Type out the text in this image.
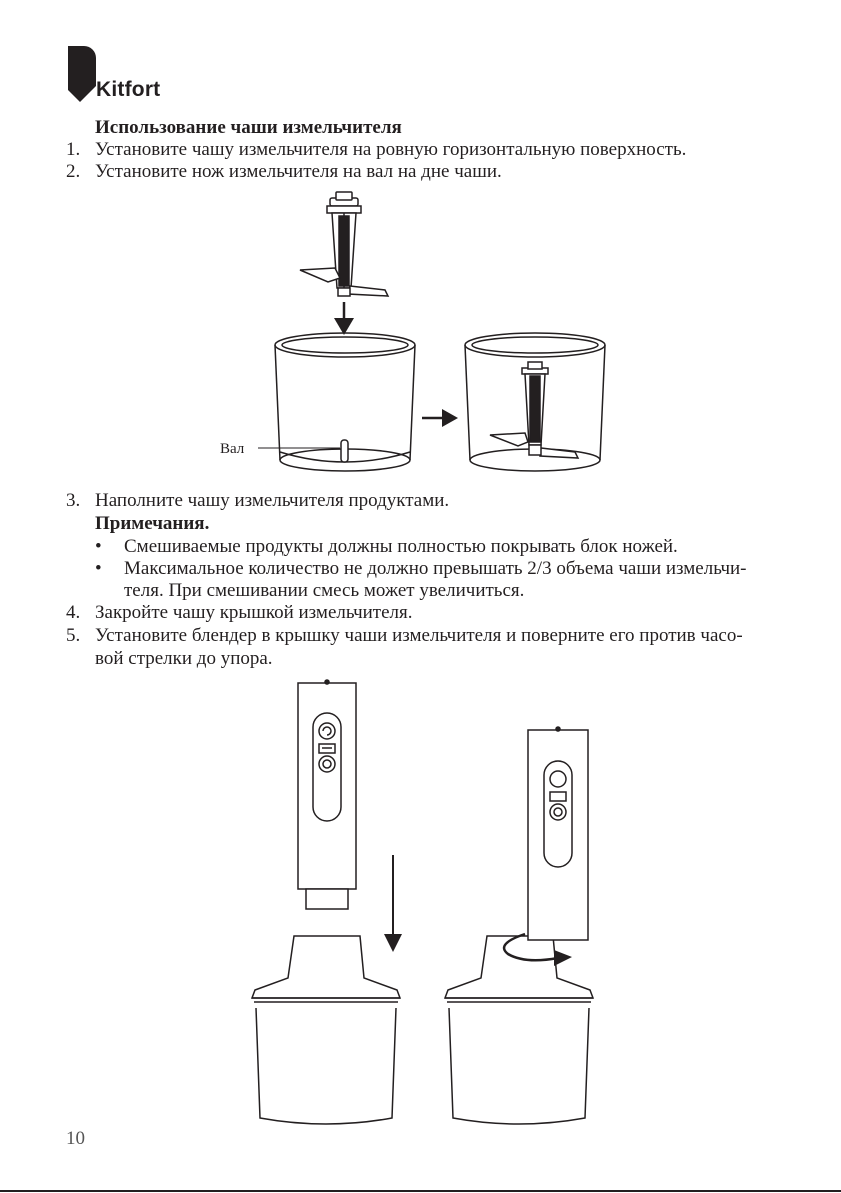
Kitfort
Использование чаши измельчителя
1. Установите чашу измельчителя на ровную горизонтальную поверхность.
2. Установите нож измельчителя на вал на дне чаши.
Вал
3. Наполните чашу измельчителя продуктами.
Примечания.
• Смешиваемые продукты должны полностью покрывать блок ножей.
• Максимальное количество не должно превышать 2/3 объема чаши измельчи-
теля. При смешивании смесь может увеличиться.
4. Закройте чашу крышкой измельчителя.
5. Установите блендер в крышку чаши измельчителя и поверните его против часо-
вой стрелки до упора.
10
